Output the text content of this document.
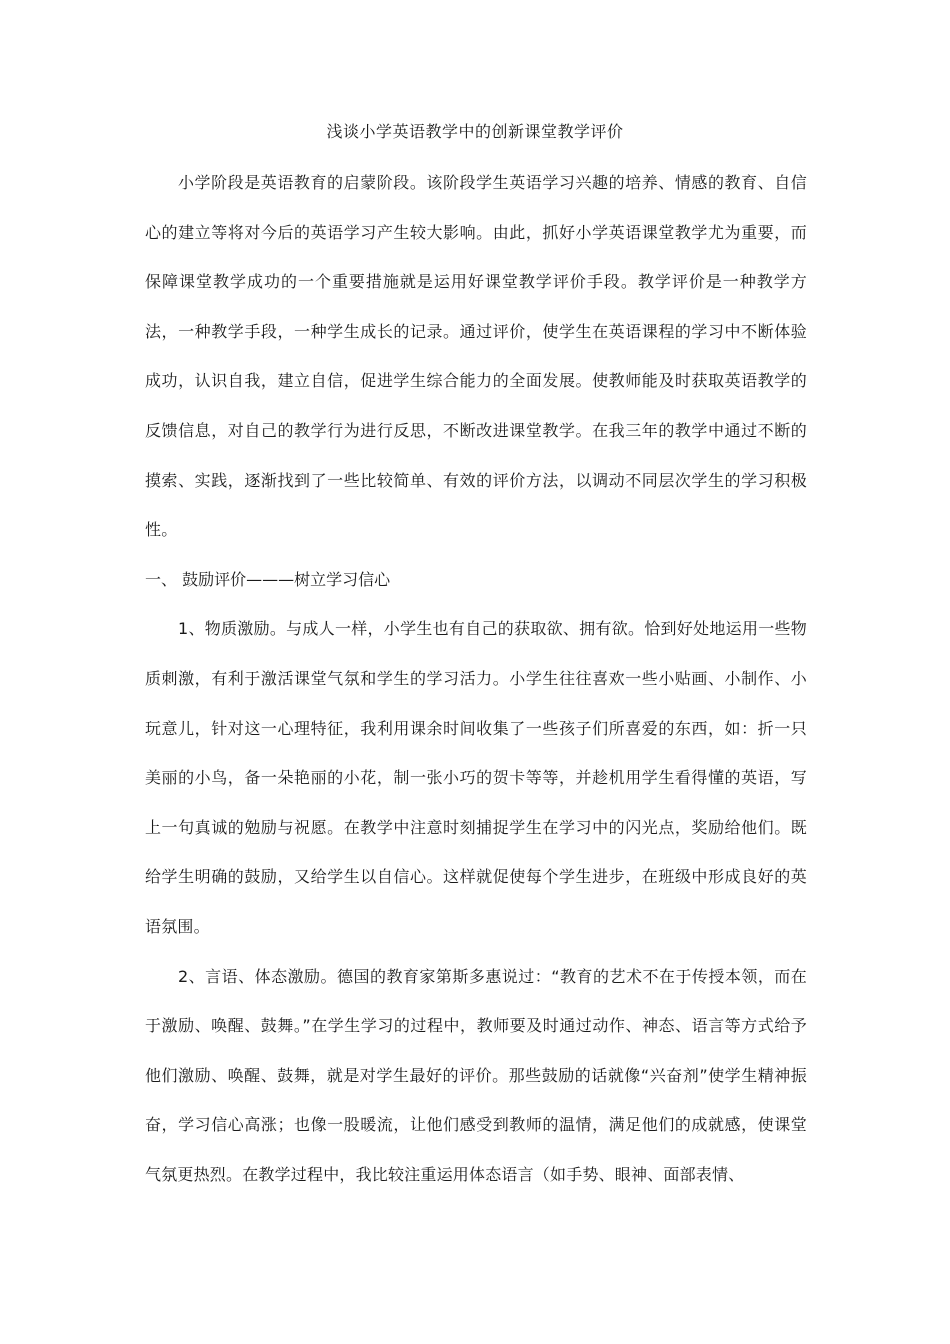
浅谈小学英语教学中的创新课堂教学评价

小学阶段是英语教育的启蒙阶段。该阶段学生英语学习兴趣的培养、情感的教育、自信心的建立等将对今后的英语学习产生较大影响。由此，抓好小学英语课堂教学尤为重要，而保障课堂教学成功的一个重要措施就是运用好课堂教学评价手段。教学评价是一种教学方法，一种教学手段，一种学生成长的记录。通过评价，使学生在英语课程的学习中不断体验成功，认识自我，建立自信，促进学生综合能力的全面发展。使教师能及时获取英语教学的反馈信息，对自己的教学行为进行反思，不断改进课堂教学。在我三年的教学中通过不断的摸索、实践，逐渐找到了一些比较简单、有效的评价方法，以调动不同层次学生的学习积极性。

一、 鼓励评价———树立学习信心

1、物质激励。与成人一样，小学生也有自己的获取欲、拥有欲。恰到好处地运用一些物质刺激，有利于激活课堂气氛和学生的学习活力。小学生往往喜欢一些小贴画、小制作、小玩意儿，针对这一心理特征，我利用课余时间收集了一些孩子们所喜爱的东西，如：折一只美丽的小鸟，备一朵艳丽的小花，制一张小巧的贺卡等等，并趁机用学生看得懂的英语，写上一句真诚的勉励与祝愿。在教学中注意时刻捕捉学生在学习中的闪光点，奖励给他们。既给学生明确的鼓励，又给学生以自信心。这样就促使每个学生进步，在班级中形成良好的英语氛围。

2、言语、体态激励。德国的教育家第斯多惠说过：“教育的艺术不在于传授本领，而在于激励、唤醒、鼓舞。”在学生学习的过程中，教师要及时通过动作、神态、语言等方式给予他们激励、唤醒、鼓舞，就是对学生最好的评价。那些鼓励的话就像“兴奋剂”使学生精神振奋，学习信心高涨；也像一股暖流，让他们感受到教师的温情，满足他们的成就感，使课堂气氛更热烈。在教学过程中，我比较注重运用体态语言（如手势、眼神、面部表情、
